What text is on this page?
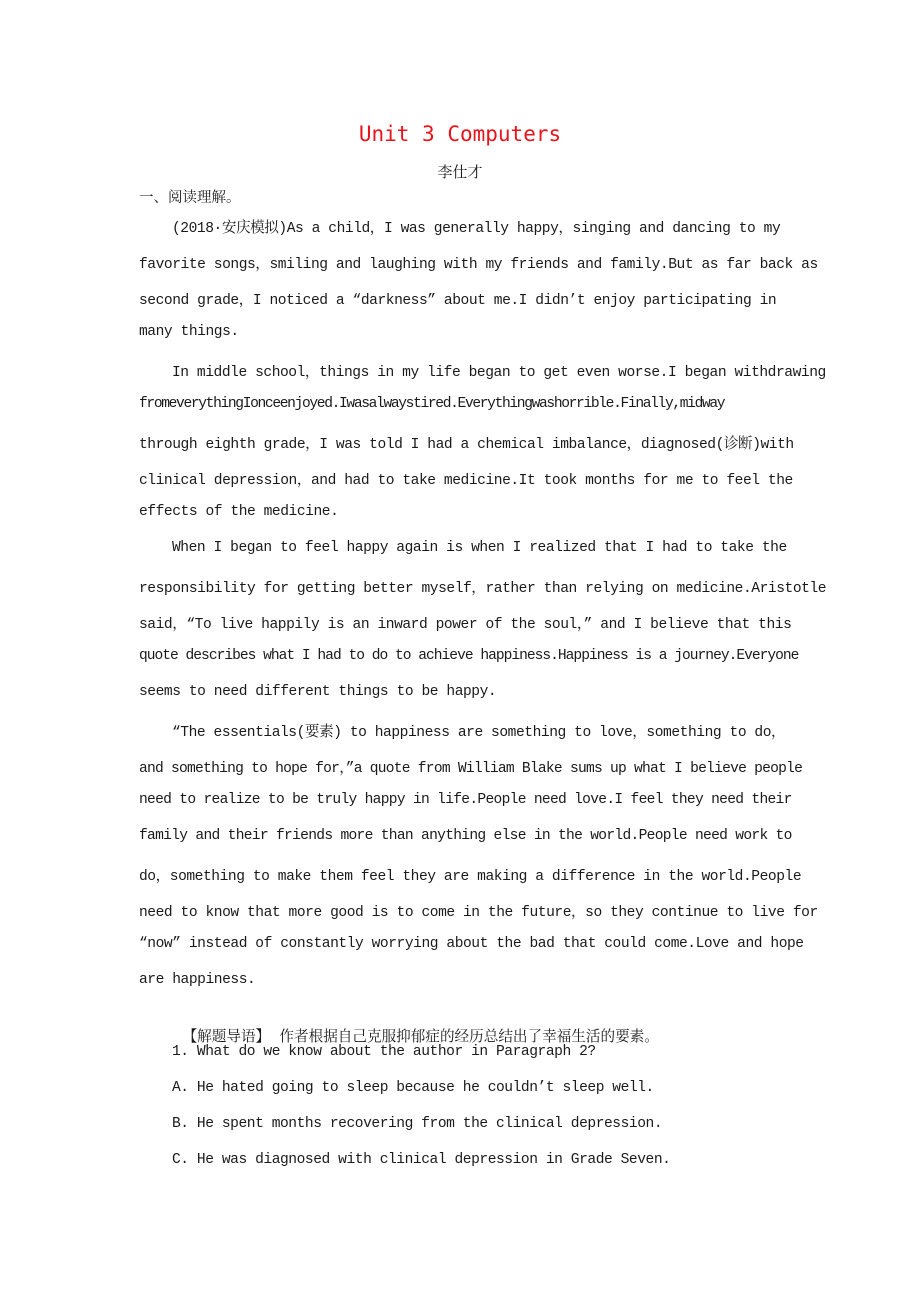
Unit 3 Computers
李仕才
一、阅读理解。
(2018·安庆模拟)As a child，I was generally happy，singing and dancing to my
favorite songs，smiling and laughing with my friends and family.But as far back as
second grade，I noticed a “darkness” about me.I didn’t enjoy participating in
many things.
In middle school，things in my life began to get even worse.I began withdrawing
fromeverythingIonceenjoyed.Iwasalwaystired.Everythingwashorrible.Finally,midway
through eighth grade，I was told I had a chemical imbalance，diagnosed(诊断)with
clinical depression，and had to take medicine.It took months for me to feel the
effects of the medicine.
When I began to feel happy again is when I realized that I had to take the
responsibility for getting better myself，rather than relying on medicine.Aristotle
said，“To live happily is an inward power of the soul，” and I believe that this
quote describes what I had to do to achieve happiness.Happiness is a journey.Everyone
seems to need different things to be happy.
“The essentials(要素) to happiness are something to love，something to do，
and something to hope for，”a quote from William Blake sums up what I believe people
need to realize to be truly happy in life.People need love.I feel they need their
family and their friends more than anything else in the world.People need work to
do，something to make them feel they are making a difference in the world.People
need to know that more good is to come in the future，so they continue to live for
“now” instead of constantly worrying about the bad that could come.Love and hope
are happiness.

【解题导语】 作者根据自己克服抑郁症的经历总结出了幸福生活的要素。

1. What do we know about the author in Paragraph 2?
A. He hated going to sleep because he couldn’t sleep well.
B. He spent months recovering from the clinical depression.
C. He was diagnosed with clinical depression in Grade Seven.
